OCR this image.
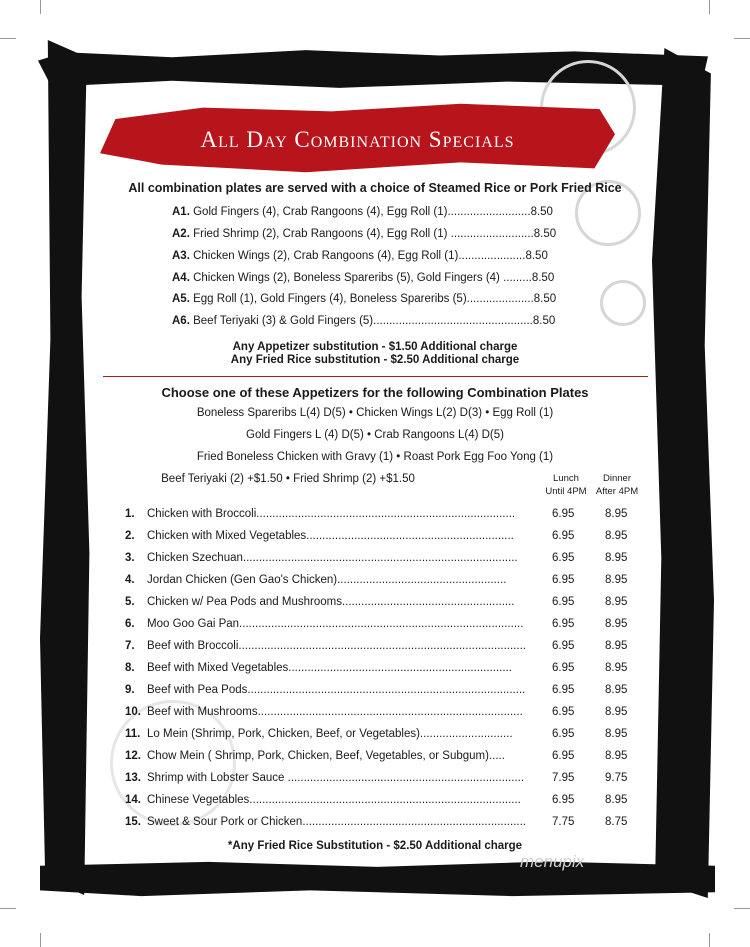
All Day Combination Specials
All combination plates are served with a choice of Steamed Rice or Pork Fried Rice
A1. Gold Fingers (4), Crab Rangoons (4), Egg Roll (1)..........................8.50
A2. Fried Shrimp (2), Crab Rangoons (4), Egg Roll (1) ..........................8.50
A3. Chicken Wings (2), Crab Rangoons (4), Egg Roll (1).....................8.50
A4. Chicken Wings (2), Boneless Spareribs (5), Gold Fingers (4) .........8.50
A5. Egg Roll (1), Gold Fingers (4), Boneless Spareribs (5).....................8.50
A6. Beef Teriyaki (3) & Gold Fingers (5)..................................................8.50
Any Appetizer substitution - $1.50 Additional charge
Any Fried Rice substitution - $2.50 Additional charge
Choose one of these Appetizers for the following Combination Plates
Boneless Spareribs L(4) D(5) • Chicken Wings L(2) D(3) • Egg Roll (1)
Gold Fingers L (4) D(5) • Crab Rangoons L(4) D(5)
Fried Boneless Chicken with Gravy (1) • Roast Pork Egg Foo Yong (1)
Beef Teriyaki (2) +$1.50 • Fried Shrimp (2) +$1.50	Lunch
Until 4PM
Dinner
After 4PM
1. Chicken with Broccoli.................................................................................	6.95	8.95
2. Chicken with Mixed Vegetables.................................................................	6.95	8.95
3. Chicken Szechuan......................................................................................	6.95	8.95
4. Jordan Chicken (Gen Gao's Chicken).....................................................	6.95	8.95
5. Chicken w/ Pea Pods and Mushrooms......................................................	6.95	8.95
6. Moo Goo Gai Pan.........................................................................................	6.95	8.95
7. Beef with Broccoli..........................................................................................	6.95	8.95
8. Beef with Mixed Vegetables......................................................................	6.95	8.95
9. Beef with Pea Pods.......................................................................................	6.95	8.95
10. Beef with Mushrooms...................................................................................	6.95	8.95
11. Lo Mein (Shrimp, Pork, Chicken, Beef, or Vegetables).............................	6.95	8.95
12. Chow Mein ( Shrimp, Pork, Chicken, Beef, Vegetables, or Subgum).....	6.95	8.95
13. Shrimp with Lobster Sauce ..........................................................................	7.95	9.75
14. Chinese Vegetables.....................................................................................	6.95	8.95
15. Sweet & Sour Pork or Chicken......................................................................	7.75	8.75
*Any Fried Rice Substitution - $2.50 Additional charge
menupix
